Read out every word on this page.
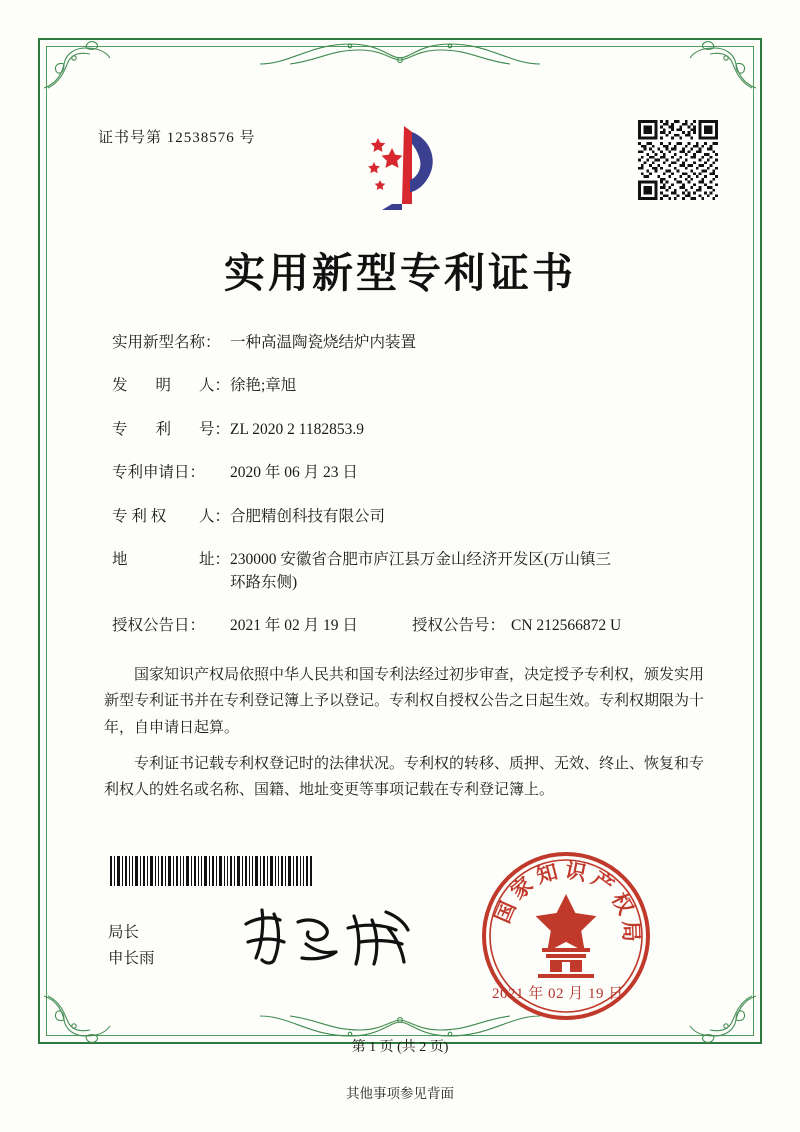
证书号第 12538576 号
实用新型专利证书
实用新型名称： 一种高温陶瓷烧结炉内装置
发 明 人： 徐艳;章旭
专 利 号： ZL 2020 2 1182853.9
专利申请日：	2020 年 06 月 23 日
专 利 权 人： 合肥精创科技有限公司
地	址： 230000 安徽省合肥市庐江县万金山经济开发区(万山镇三
环路东侧)
授权公告日：	2021 年 02 月 19 日	授权公告号： CN 212566872 U

国家知识产权局依照中华人民共和国专利法经过初步审查，决定授予专利权，颁发实用新型专利证书并在专利登记簿上予以登记。专利权自授权公告之日起生效。专利权期限为十年，自申请日起算。

专利证书记载专利权登记时的法律状况。专利权的转移、质押、无效、终止、恢复和专利权人的姓名或名称、国籍、地址变更等事项记载在专利登记簿上。

局长
申长雨
国家知识产权局
2021 年 02 月 19 日
第 1 页 (共 2 页)
其他事项参见背面
